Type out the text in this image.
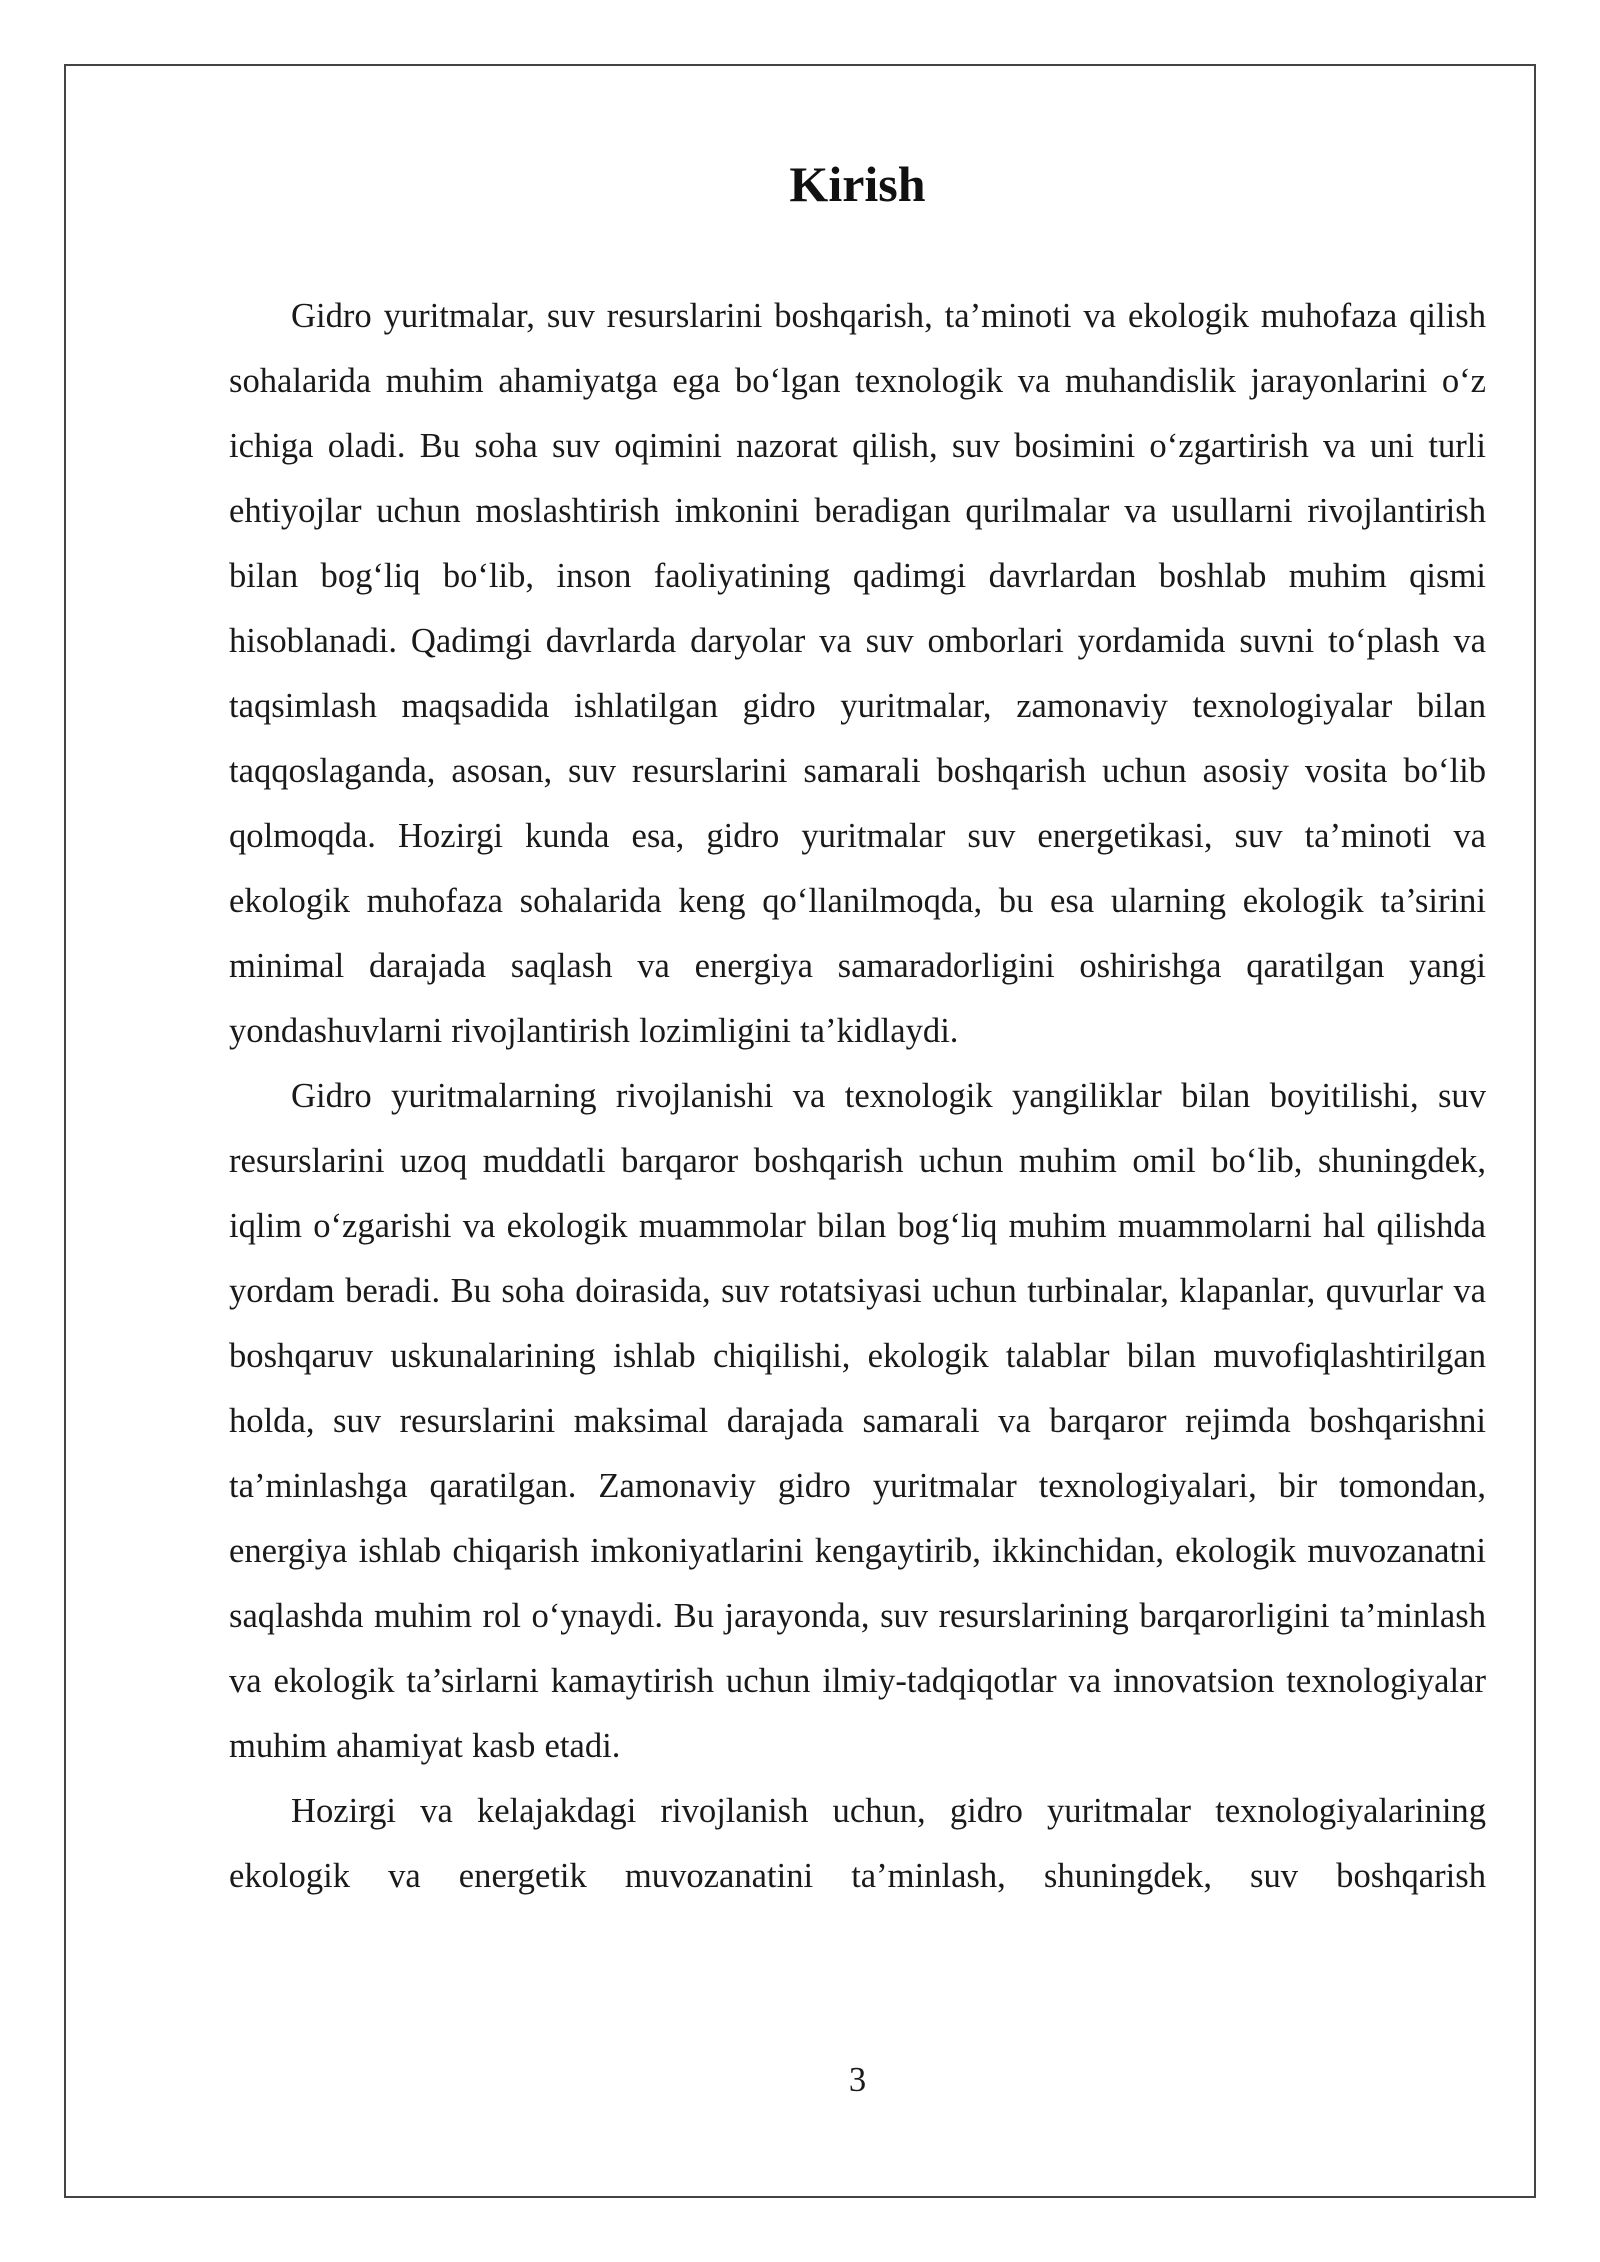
Kirish

Gidro yuritmalar, suv resurslarini boshqarish, ta’minoti va ekologik muhofaza qilish sohalarida muhim ahamiyatga ega bo‘lgan texnologik va muhandislik jarayonlarini o‘z ichiga oladi. Bu soha suv oqimini nazorat qilish, suv bosimini o‘zgartirish va uni turli ehtiyojlar uchun moslashtirish imkonini beradigan qurilmalar va usullarni rivojlantirish bilan bog‘liq bo‘lib, inson faoliyatining qadimgi davrlardan boshlab muhim qismi hisoblanadi. Qadimgi davrlarda daryolar va suv omborlari yordamida suvni to‘plash va taqsimlash maqsadida ishlatilgan gidro yuritmalar, zamonaviy texnologiyalar bilan taqqoslaganda, asosan, suv resurslarini samarali boshqarish uchun asosiy vosita bo‘lib qolmoqda. Hozirgi kunda esa, gidro yuritmalar suv energetikasi, suv ta’minoti va ekologik muhofaza sohalarida keng qo‘llanilmoqda, bu esa ularning ekologik ta’sirini minimal darajada saqlash va energiya samaradorligini oshirishga qaratilgan yangi yondashuvlarni rivojlantirish lozimligini ta’kidlaydi.

Gidro yuritmalarning rivojlanishi va texnologik yangiliklar bilan boyitilishi, suv resurslarini uzoq muddatli barqaror boshqarish uchun muhim omil bo‘lib, shuningdek, iqlim o‘zgarishi va ekologik muammolar bilan bog‘liq muhim muammolarni hal qilishda yordam beradi. Bu soha doirasida, suv rotatsiyasi uchun turbinalar, klapanlar, quvurlar va boshqaruv uskunalarining ishlab chiqilishi, ekologik talablar bilan muvofiqlashtirilgan holda, suv resurslarini maksimal darajada samarali va barqaror rejimda boshqarishni ta’minlashga qaratilgan. Zamonaviy gidro yuritmalar texnologiyalari, bir tomondan, energiya ishlab chiqarish imkoniyatlarini kengaytirib, ikkinchidan, ekologik muvozanatni saqlashda muhim rol o‘ynaydi. Bu jarayonda, suv resurslarining barqarorligini ta’minlash va ekologik ta’sirlarni kamaytirish uchun ilmiy-tadqiqotlar va innovatsion texnologiyalar muhim ahamiyat kasb etadi.

Hozirgi va kelajakdagi rivojlanish uchun, gidro yuritmalar texnologiyalarining ekologik va energetik muvozanatini ta’minlash, shuningdek, suv boshqarish

3
